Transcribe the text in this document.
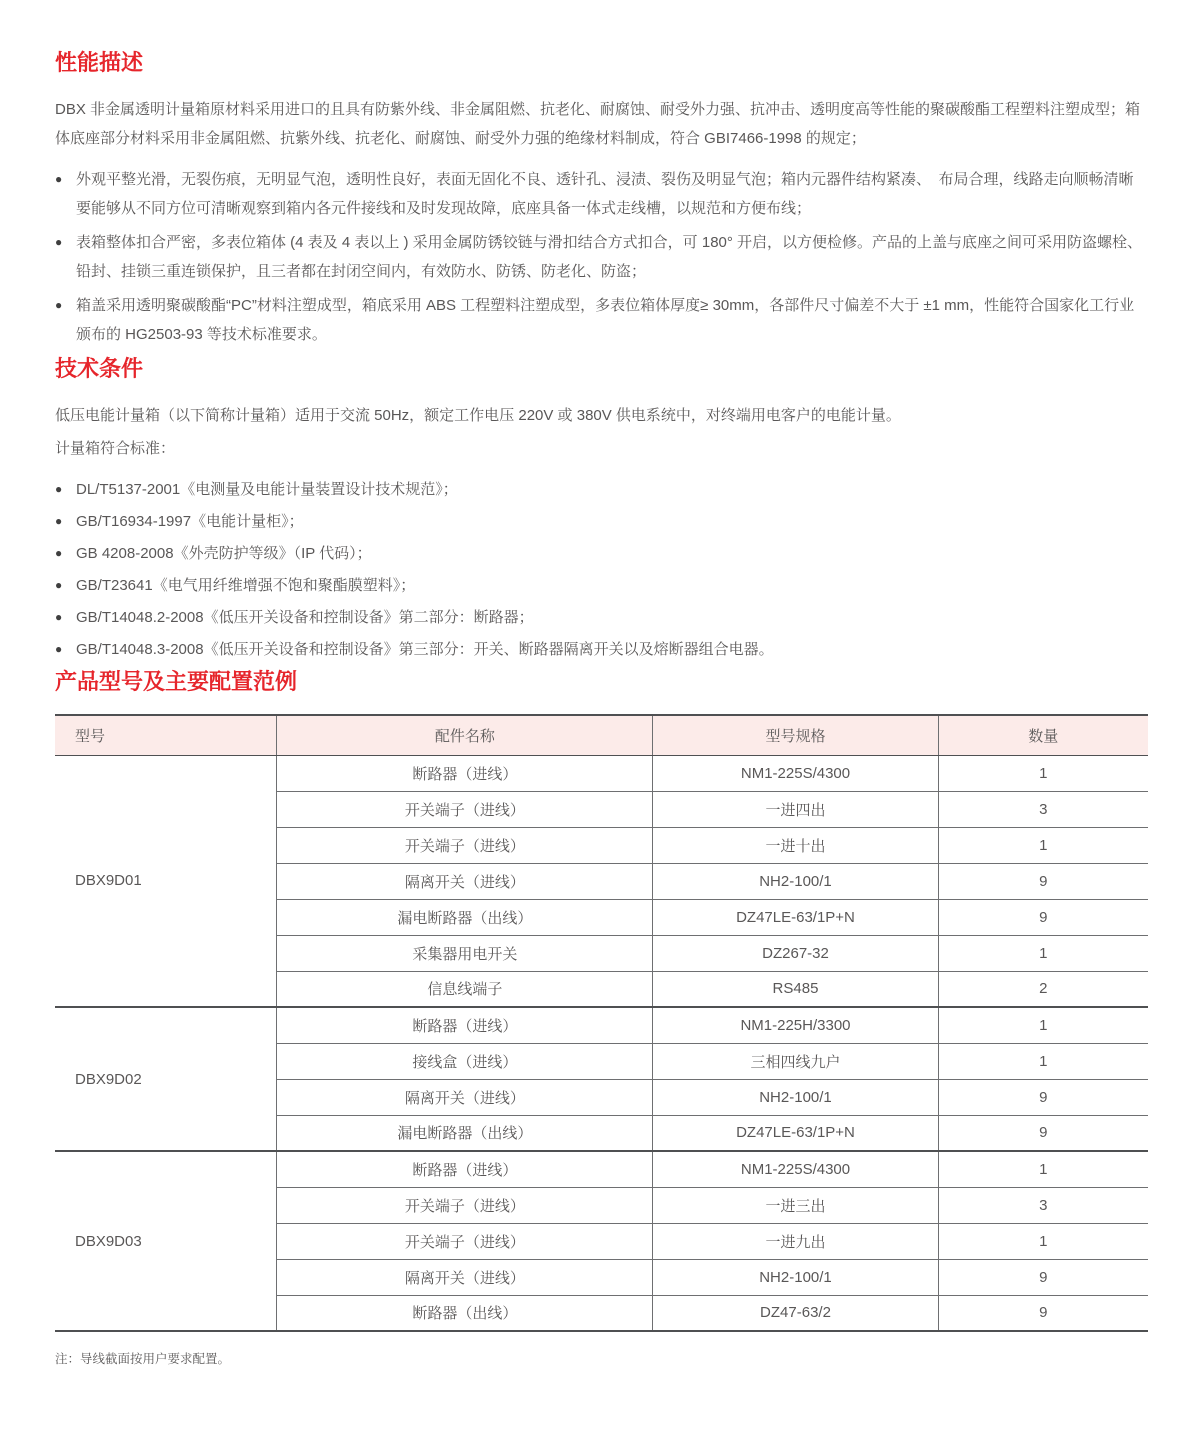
性能描述

DBX 非金属透明计量箱原材料采用进口的且具有防紫外线、非金属阻燃、抗老化、耐腐蚀、耐受外力强、抗冲击、透明度高等性能的聚碳酸酯工程塑料注塑成型；箱体底座部分材料采用非金属阻燃、抗紫外线、抗老化、耐腐蚀、耐受外力强的绝缘材料制成，符合 GBI7466-1998 的规定；

● 外观平整光滑，无裂伤痕，无明显气泡，透明性良好，表面无固化不良、透针孔、浸渍、裂伤及明显气泡；箱内元器件结构紧凑、　布局合理，线路走向顺畅清晰要能够从不同方位可清晰观察到箱内各元件接线和及时发现故障，底座具备一体式走线槽，以规范和方便布线；
● 表箱整体扣合严密，多表位箱体 (4 表及 4 表以上 ) 采用金属防锈铰链与滑扣结合方式扣合，可 180° 开启，以方便检修。产品的上盖与底座之间可采用防盗螺栓、铅封、挂锁三重连锁保护，且三者都在封闭空间内，有效防水、防锈、防老化、防盗；
● 箱盖采用透明聚碳酸酯“PC”材料注塑成型，箱底采用 ABS 工程塑料注塑成型，多表位箱体厚度≥ 30mm，各部件尺寸偏差不大于 ±1 mm，性能符合国家化工行业颁布的 HG2503-93 等技术标准要求。
技术条件

低压电能计量箱（以下简称计量箱）适用于交流 50Hz，额定工作电压 220V 或 380V 供电系统中，对终端用电客户的电能计量。

计量箱符合标准：

● DL/T5137-2001《电测量及电能计量装置设计技术规范》；
● GB/T16934-1997《电能计量柜》；
● GB 4208-2008《外壳防护等级》（IP 代码）；
● GB/T23641《电气用纤维增强不饱和聚酯膜塑料》；
● GB/T14048.2-2008《低压开关设备和控制设备》第二部分：断路器；
● GB/T14048.3-2008《低压开关设备和控制设备》第三部分：开关、断路器隔离开关以及熔断器组合电器。
产品型号及主要配置范例
型号	配件名称	型号规格	数量
DBX9D01	断路器（进线）	NM1-225S/4300	1
	开关端子（进线）	一进四出	3
	开关端子（进线）	一进十出	1
	隔离开关（进线）	NH2-100/1	9
	漏电断路器（出线）	DZ47LE-63/1P+N	9
	采集器用电开关	DZ267-32	1
	信息线端子	RS485	2
DBX9D02	断路器（进线）	NM1-225H/3300	1
	接线盒（进线）	三相四线九户	1
	隔离开关（进线）	NH2-100/1	9
	漏电断路器（出线）	DZ47LE-63/1P+N	9
DBX9D03	断路器（进线）	NM1-225S/4300	1
	开关端子（进线）	一进三出	3
	开关端子（进线）	一进九出	1
	隔离开关（进线）	NH2-100/1	9
	断路器（出线）	DZ47-63/2	9

注：导线截面按用户要求配置。
